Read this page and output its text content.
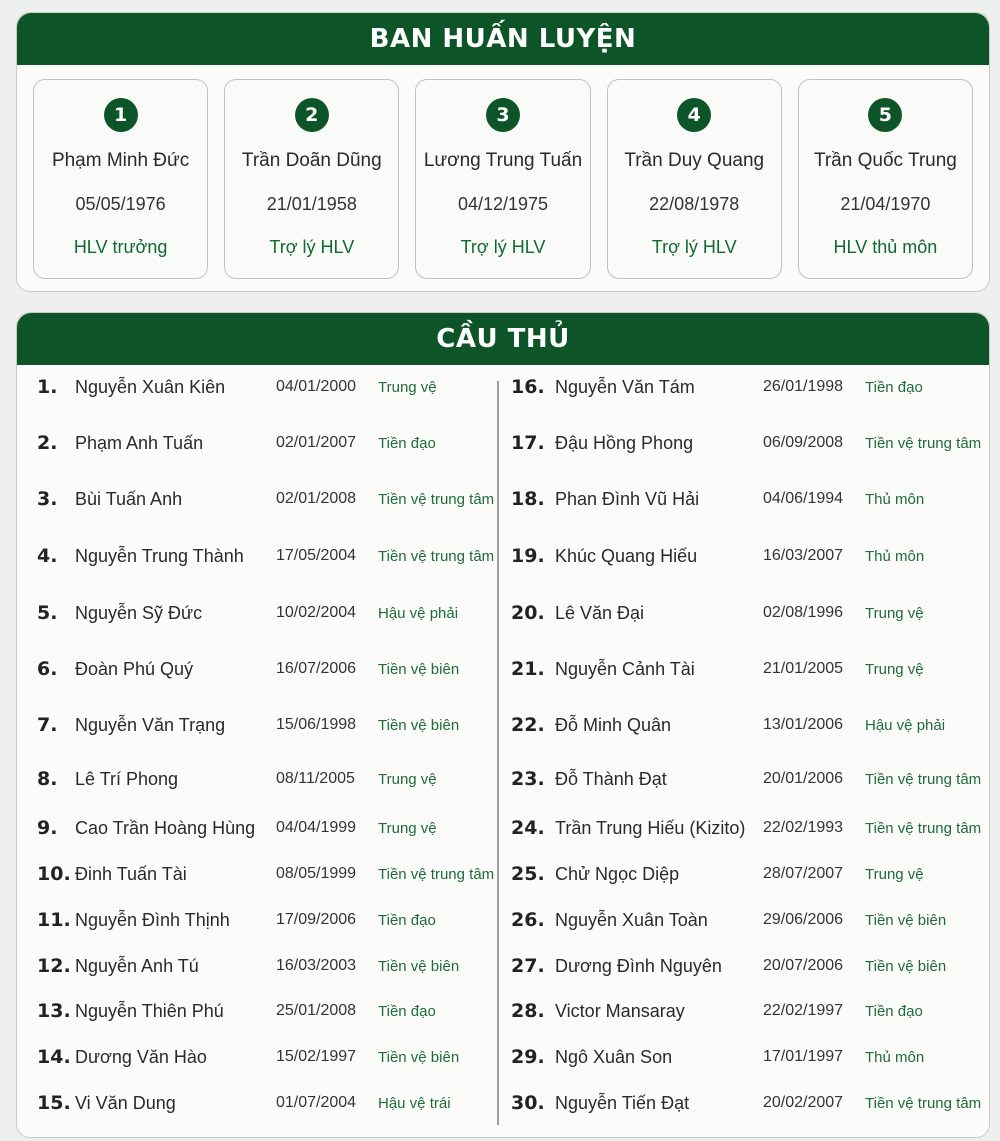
BAN HUẤN LUYỆN
1
Phạm Minh Đức
05/05/1976
HLV trưởng
2
Trần Doãn Dũng
21/01/1958
Trợ lý HLV
3
Lương Trung Tuấn
04/12/1975
Trợ lý HLV
4
Trần Duy Quang
22/08/1978
Trợ lý HLV
5
Trần Quốc Trung
21/04/1970
HLV thủ môn
CẦU THỦ
1. Nguyễn Xuân Kiên	04/01/2000 Trung vệ
2. Phạm Anh Tuấn	02/01/2007 Tiền đạo
3. Bùi Tuấn Anh	02/01/2008 Tiền vệ trung tâm
4. Nguyễn Trung Thành 17/05/2004 Tiền vệ trung tâm
5. Nguyễn Sỹ Đức	10/02/2004 Hậu vệ phải
6. Đoàn Phú Quý	16/07/2006 Tiền vệ biên
7. Nguyễn Văn Trạng	15/06/1998 Tiền vệ biên
8. Lê Trí Phong	08/11/2005 Trung vệ
9. Cao Trần Hoàng Hùng 04/04/1999 Trung vệ
10. Đinh Tuấn Tài	08/05/1999 Tiền vệ trung tâm
11. Nguyễn Đình Thịnh	17/09/2006 Tiền đạo
12. Nguyễn Anh Tú	16/03/2003 Tiền vệ biên
13. Nguyễn Thiên Phú	25/01/2008 Tiền đạo
14. Dương Văn Hào	15/02/1997 Tiền vệ biên
15. Vi Văn Dung	01/07/2004 Hậu vệ trái
16. Nguyễn Văn Tám	26/01/1998 Tiền đạo
17. Đậu Hồng Phong	06/09/2008 Tiền vệ trung tâm
18. Phan Đình Vũ Hải	04/06/1994 Thủ môn
19. Khúc Quang Hiếu	16/03/2007 Thủ môn
20. Lê Văn Đại	02/08/1996 Trung vệ
21. Nguyễn Cảnh Tài	21/01/2005 Trung vệ
22. Đỗ Minh Quân	13/01/2006 Hậu vệ phải
23. Đỗ Thành Đạt	20/01/2006 Tiền vệ trung tâm
24. Trần Trung Hiếu (Kizito) 22/02/1993 Tiền vệ trung tâm
25. Chử Ngọc Diệp	28/07/2007 Trung vệ
26. Nguyễn Xuân Toàn	29/06/2006 Tiền vệ biên
27. Dương Đình Nguyên	20/07/2006 Tiền vệ biên
28. Victor Mansaray	22/02/1997 Tiền đạo
29. Ngô Xuân Son	17/01/1997 Thủ môn
30. Nguyễn Tiến Đạt	20/02/2007 Tiền vệ trung tâm
